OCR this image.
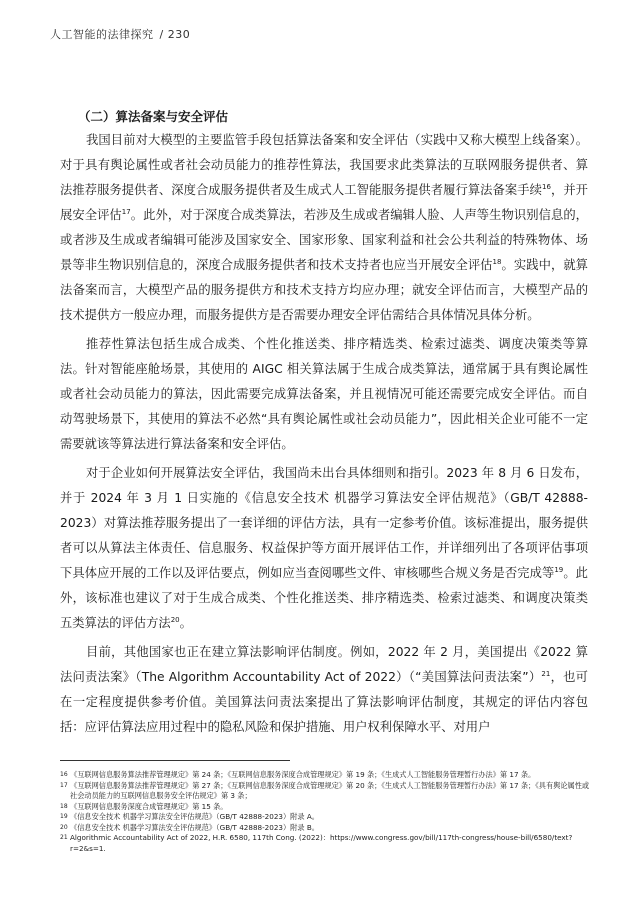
人工智能的法律探究 / 230
（二）算法备案与安全评估

我国目前对大模型的主要监管手段包括算法备案和安全评估（实践中又称大模型上线备案）。对于具有舆论属性或者社会动员能力的推荐性算法，我国要求此类算法的互联网服务提供者、算法推荐服务提供者、深度合成服务提供者及生成式人工智能服务提供者履行算法备案手续$^{16}$，并开展安全评估$^{17}$。此外，对于深度合成类算法，若涉及生成或者编辑人脸、人声等生物识别信息的，或者涉及生成或者编辑可能涉及国家安全、国家形象、国家利益和社会公共利益的特殊物体、场景等非生物识别信息的，深度合成服务提供者和技术支持者也应当开展安全评估$^{18}$。实践中，就算法备案而言，大模型产品的服务提供方和技术支持方均应办理；就安全评估而言，大模型产品的技术提供方一般应办理，而服务提供方是否需要办理安全评估需结合具体情况具体分析。

推荐性算法包括生成合成类、个性化推送类、排序精选类、检索过滤类、调度决策类等算法。针对智能座舱场景，其使用的 AIGC 相关算法属于生成合成类算法，通常属于具有舆论属性或者社会动员能力的算法，因此需要完成算法备案，并且视情况可能还需要完成安全评估。而自动驾驶场景下，其使用的算法不必然“具有舆论属性或社会动员能力”，因此相关企业可能不一定需要就该等算法进行算法备案和安全评估。

对于企业如何开展算法安全评估，我国尚未出台具体细则和指引。2023 年 8 月 6 日发布，并于 2024 年 3 月 1 日实施的《信息安全技术 机器学习算法安全评估规范》（GB/T 42888-2023）对算法推荐服务提出了一套详细的评估方法，具有一定参考价值。该标准提出，服务提供者可以从算法主体责任、信息服务、权益保护等方面开展评估工作，并详细列出了各项评估事项下具体应开展的工作以及评估要点，例如应当查阅哪些文件、审核哪些合规义务是否完成等$^{19}$。此外，该标准也建议了对于生成合成类、个性化推送类、排序精选类、检索过滤类、和调度决策类五类算法的评估方法$^{20}$。

目前，其他国家也正在建立算法影响评估制度。例如，2022 年 2 月，美国提出《2022 算法问责法案》（The Algorithm Accountability Act of 2022）（“美国算法问责法案”）$^{21}$，也可在一定程度提供参考价值。美国算法问责法案提出了算法影响评估制度，其规定的评估内容包括：应评估算法应用过程中的隐私风险和保护措施、用户权利保障水平、对用户

16 《互联网信息服务算法推荐管理规定》第 24 条；《互联网信息服务深度合成管理规定》第 19 条；《生成式人工智能服务管理暂行办法》第 17 条。
17 《互联网信息服务算法推荐管理规定》第 27 条；《互联网信息服务深度合成管理规定》第 20 条；《生成式人工智能服务管理暂行办法》第 17 条；《具有舆论属性或社会动员能力的互联网信息服务安全评估规定》第 3 条；
18 《互联网信息服务深度合成管理规定》第 15 条。
19 《信息安全技术 机器学习算法安全评估规范》（GB/T 42888-2023）附录 A。
20 《信息安全技术 机器学习算法安全评估规范》（GB/T 42888-2023）附录 B。
21 Algorithmic Accountability Act of 2022, H.R. 6580, 117th Cong. (2022)：https://www.congress.gov/bill/117th-congress/house-bill/6580/text?r=2&s=1.
